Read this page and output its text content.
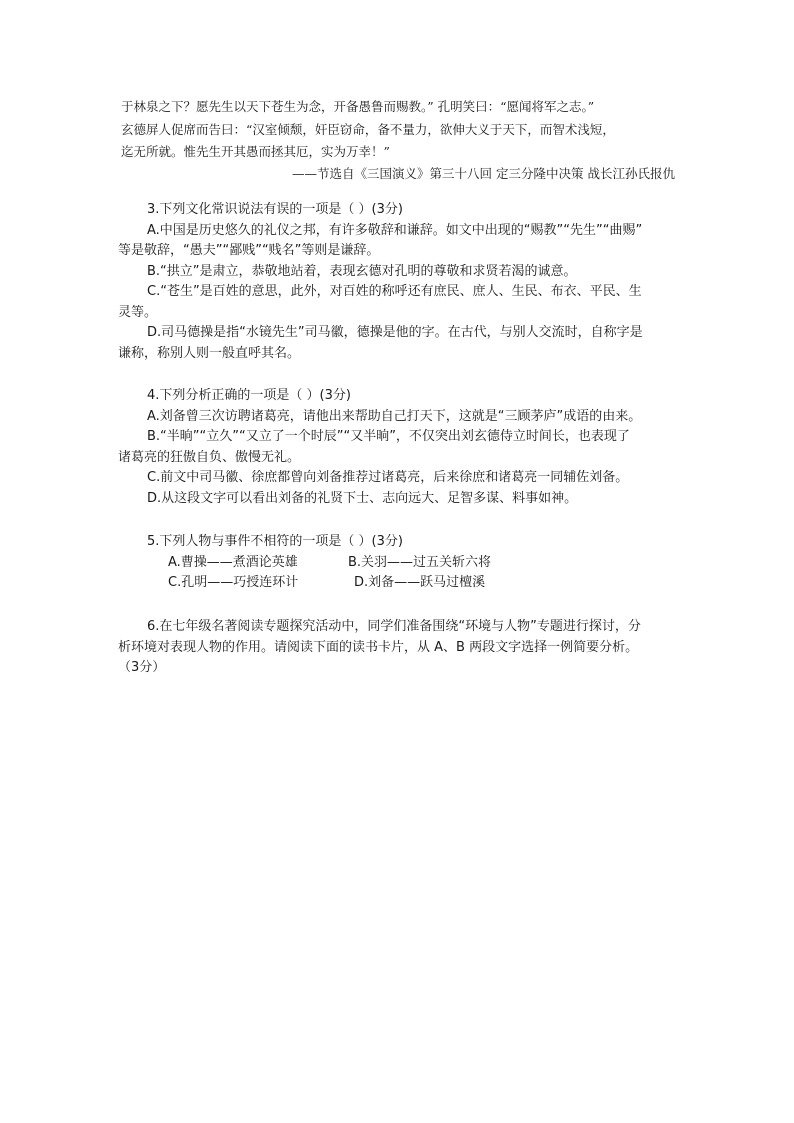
于林泉之下？愿先生以天下苍生为念，开备愚鲁而赐教。” 孔明笑曰：“愿闻将军之志。”

玄德屏人促席而告曰：“汉室倾颓，奸臣窃命，备不量力，欲伸大义于天下，而智术浅短，

迄无所就。惟先生开其愚而拯其厄，实为万幸！”

——节选自《三国演义》第三十八回 定三分隆中决策 战长江孙氏报仇

3.下列文化常识说法有误的一项是（ ）(3分)

A.中国是历史悠久的礼仪之邦，有许多敬辞和谦辞。如文中出现的“赐教”“先生”“曲赐”

等是敬辞，“愚夫”“鄙贱”“贱名”等则是谦辞。

B.“拱立”是肃立，恭敬地站着，表现玄德对孔明的尊敬和求贤若渴的诚意。

C.“苍生”是百姓的意思，此外，对百姓的称呼还有庶民、庶人、生民、布衣、平民、生

灵等。

D.司马德操是指“水镜先生”司马徽，德操是他的字。在古代，与别人交流时，自称字是

谦称，称别人则一般直呼其名。

4.下列分析正确的一项是（ ）(3分)

A.刘备曾三次访聘诸葛亮，请他出来帮助自己打天下，这就是“三顾茅庐”成语的由来。

B.“半晌”“立久”“又立了一个时辰”“又半晌”，不仅突出刘玄德侍立时间长，也表现了

诸葛亮的狂傲自负、傲慢无礼。

C.前文中司马徽、徐庶都曾向刘备推荐过诸葛亮，后来徐庶和诸葛亮一同辅佐刘备。

D.从这段文字可以看出刘备的礼贤下士、志向远大、足智多谋、料事如神。

5.下列人物与事件不相符的一项是（ ）(3分)

A.曹操——煮酒论英雄	B.关羽——过五关斩六将
C.孔明——巧授连环计	D.刘备——跃马过檀溪

6.在七年级名著阅读专题探究活动中，同学们准备围绕“环境与人物”专题进行探讨，分

析环境对表现人物的作用。请阅读下面的读书卡片，从 A、B 两段文字选择一例简要分析。

（3分）
